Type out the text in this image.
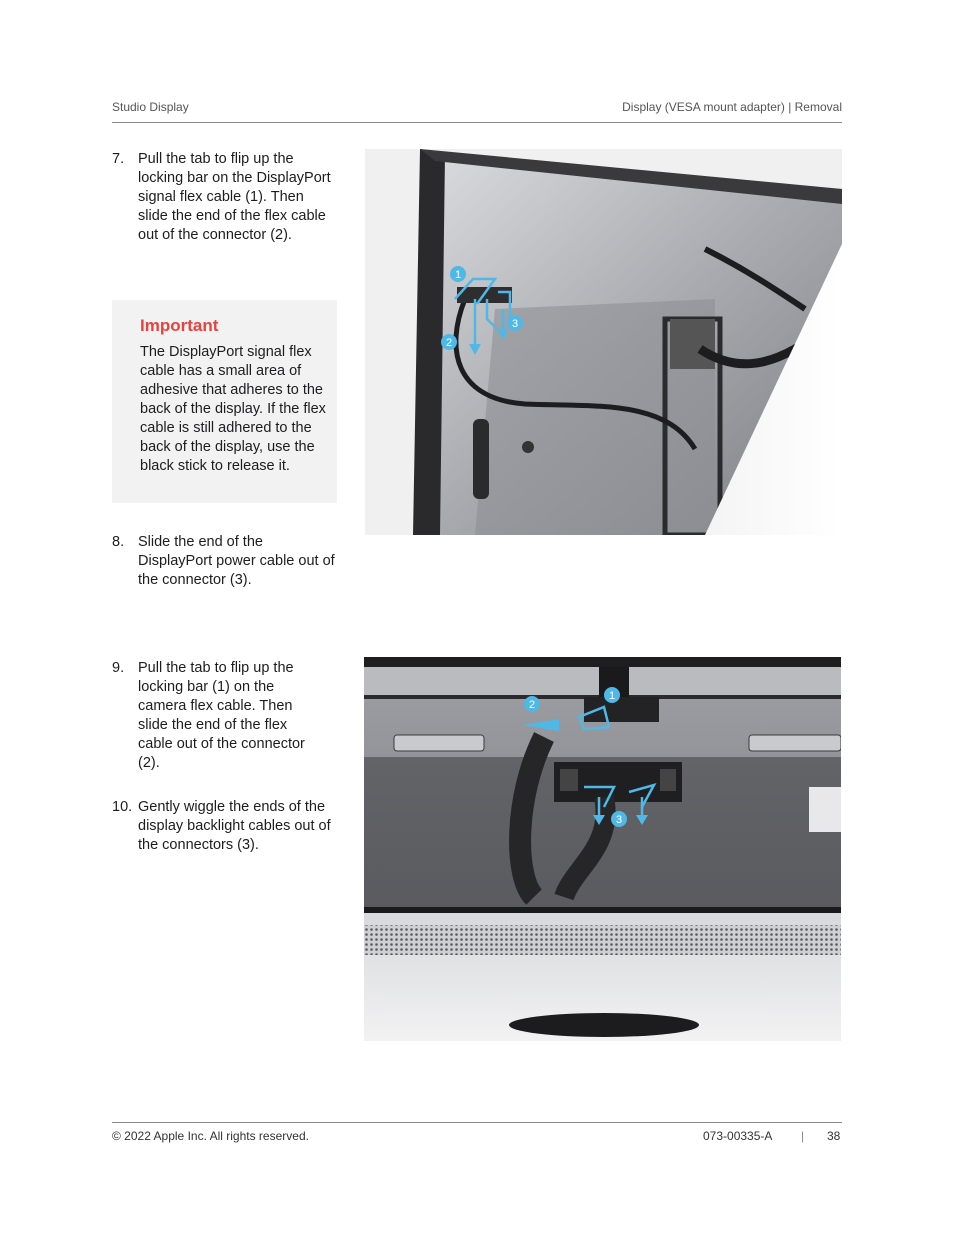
Studio Display	Display (VESA mount adapter) | Removal
7. Pull the tab to flip up the locking bar on the DisplayPort signal flex cable (1). Then slide the end of the flex cable out of the connector (2).
Important
The DisplayPort signal flex cable has a small area of adhesive that adheres to the back of the display. If the flex cable is still adhered to the back of the display, use the black stick to release it.
8. Slide the end of the DisplayPort power cable out of the connector (3).
9. Pull the tab to flip up the locking bar (1) on the camera flex cable. Then slide the end of the flex cable out of the connector (2).
10. Gently wiggle the ends of the display backlight cables out of the connectors (3).
1
2
3
1
2
3
© 2022 Apple Inc. All rights reserved.	073-00335-A | 38
